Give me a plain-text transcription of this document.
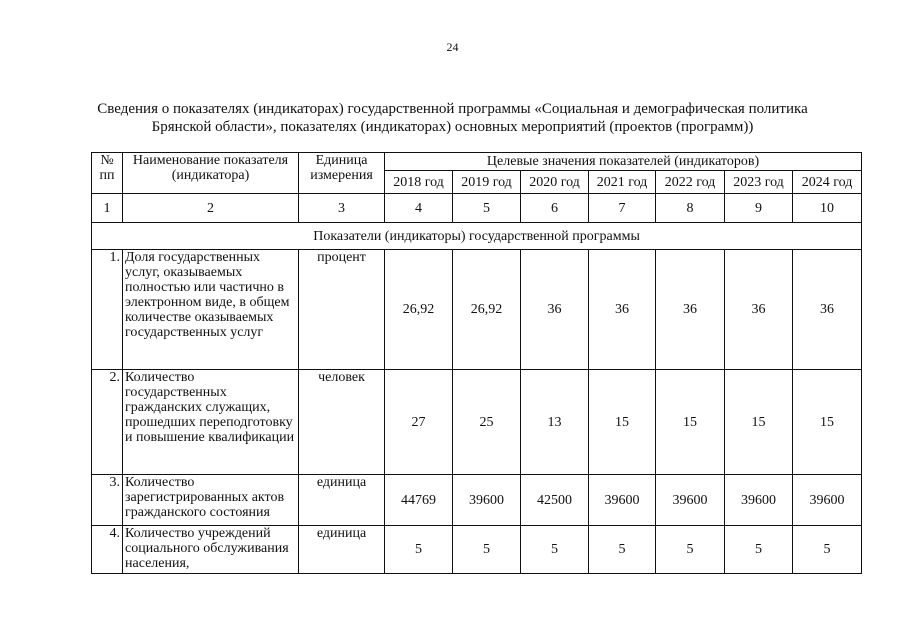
24
Сведения о показателях (индикаторах) государственной программы «Социальная и демографическая политика
Брянской области», показателях (индикаторах) основных мероприятий (проектов (программ))
№ пп	Наименование показателя (индикатора)	Единица измерения	Целевые значения показателей (индикаторов)						
			2018 год	2019 год	2020 год	2021 год	2022 год	2023 год	2024 год
1	2	3	4	5	6	7	8	9	10
Показатели (индикаторы) государственной программы									
1.	Доля государственных услуг, оказываемых полностью или частично в электронном виде, в общем количестве оказываемых государственных услуг	процент	26,92	26,92	36	36	36	36	36
2.	Количество государственных гражданских служащих, прошедших переподготовку и повышение квалификации	человек	27	25	13	15	15	15	15
3.	Количество зарегистрированных актов гражданского состояния	единица	44769	39600	42500	39600	39600	39600	39600
4.	Количество учреждений социального обслуживания населения,	единица	5	5	5	5	5	5	5
